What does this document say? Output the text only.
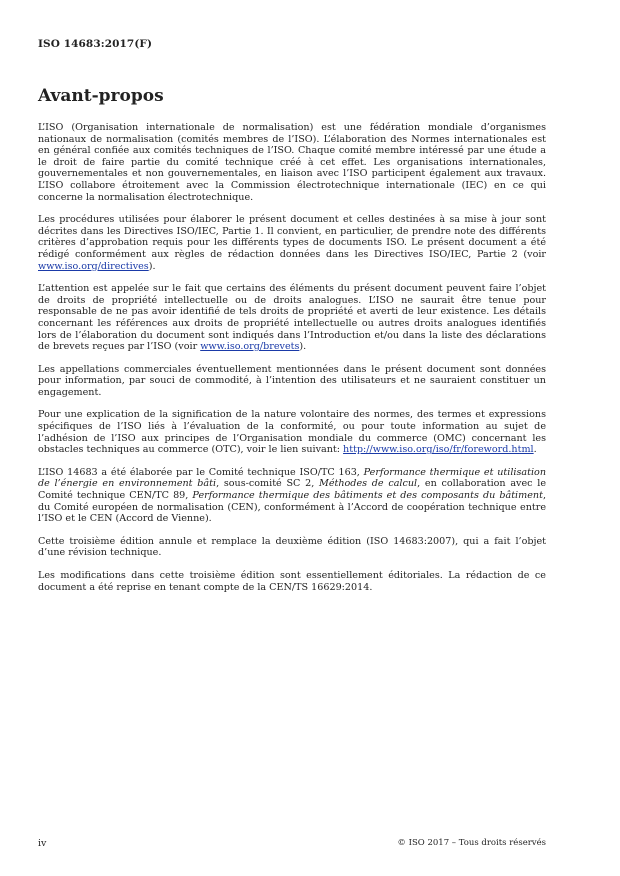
ISO 14683:2017(F)
Avant-propos

L’ISO (Organisation internationale de normalisation) est une fédération mondiale d’organismes nationaux de normalisation (comités membres de l’ISO). L’élaboration des Normes internationales est en général confiée aux comités techniques de l’ISO. Chaque comité membre intéressé par une étude a le droit de faire partie du comité technique créé à cet effet. Les organisations internationales, gouvernementales et non gouvernementales, en liaison avec l’ISO participent également aux travaux. L’ISO collabore étroitement avec la Commission électrotechnique internationale (IEC) en ce qui concerne la normalisation électrotechnique.

Les procédures utilisées pour élaborer le présent document et celles destinées à sa mise à jour sont décrites dans les Directives ISO/IEC, Partie 1. Il convient, en particulier, de prendre note des différents critères d’approbation requis pour les différents types de documents ISO. Le présent document a été rédigé conformément aux règles de rédaction données dans les Directives ISO/IEC, Partie 2 (voir www.iso.org/directives).

L’attention est appelée sur le fait que certains des éléments du présent document peuvent faire l’objet de droits de propriété intellectuelle ou de droits analogues. L’ISO ne saurait être tenue pour responsable de ne pas avoir identifié de tels droits de propriété et averti de leur existence. Les détails concernant les références aux droits de propriété intellectuelle ou autres droits analogues identifiés lors de l’élaboration du document sont indiqués dans l’Introduction et/ou dans la liste des déclarations de brevets reçues par l’ISO (voir www.iso.org/brevets).

Les appellations commerciales éventuellement mentionnées dans le présent document sont données pour information, par souci de commodité, à l’intention des utilisateurs et ne sauraient constituer un engagement.

Pour une explication de la signification de la nature volontaire des normes, des termes et expressions spécifiques de l’ISO liés à l’évaluation de la conformité, ou pour toute information au sujet de l’adhésion de l’ISO aux principes de l’Organisation mondiale du commerce (OMC) concernant les obstacles techniques au commerce (OTC), voir le lien suivant: http://www.iso.org/iso/fr/foreword.html.

L’ISO 14683 a été élaborée par le Comité technique ISO/TC 163, Performance thermique et utilisation de l’énergie en environnement bâti, sous-comité SC 2, Méthodes de calcul, en collaboration avec le Comité technique CEN/TC 89, Performance thermique des bâtiments et des composants du bâtiment, du Comité européen de normalisation (CEN), conformément à l’Accord de coopération technique entre l’ISO et le CEN (Accord de Vienne).

Cette troisième édition annule et remplace la deuxième édition (ISO 14683:2007), qui a fait l’objet d’une révision technique.

Les modifications dans cette troisième édition sont essentiellement éditoriales. La rédaction de ce document a été reprise en tenant compte de la CEN/TS 16629:2014.

iv	© ISO 2017 – Tous droits réservés
